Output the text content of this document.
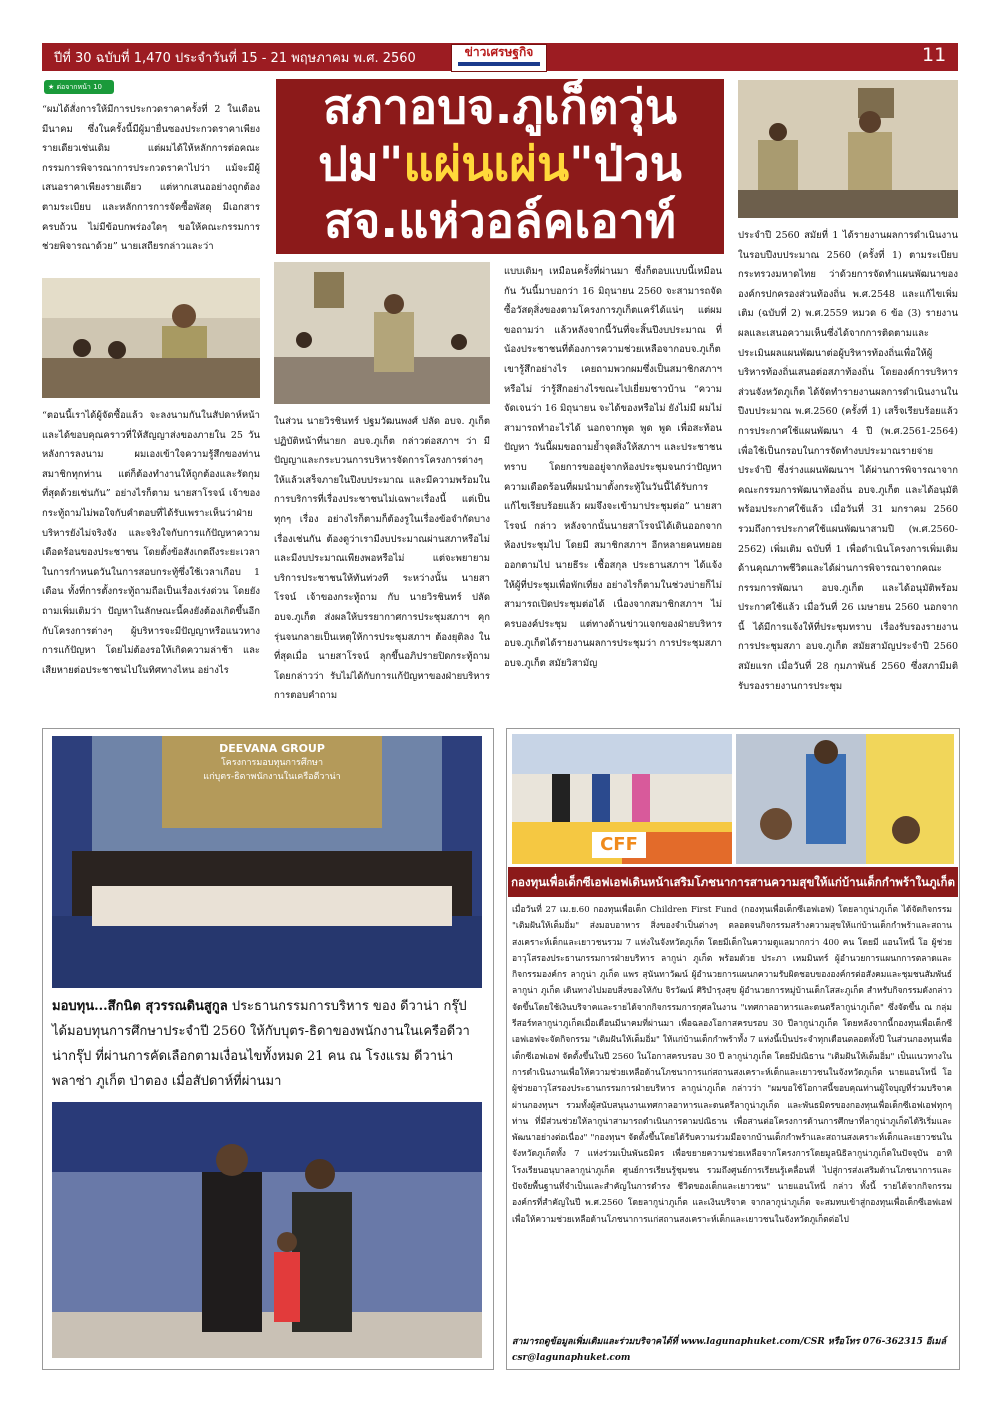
ปีที่ 30 ฉบับที่ 1,470 ประจำวันที่ 15 - 21 พฤษภาคม พ.ศ. 2560	ข่าวเศรษฐกิจ	11
★ ต่อจากหน้า 10	สภาอบจ.ภูเก็ตวุ่น
ปม"แผ่นเผ่น"ป่วน
สจ.แห่วอล์คเอาท์
“ผมได้สั่งการให้มีการประกวดราคาครั้งที่ 2 ในเดือนมีนาคม ซึ่งในครั้งนี้มีผู้มายื่นซองประกวดราคาเพียงรายเดียวเช่นเดิม แต่ผมได้ให้หลักการต่อคณะกรรมการพิจารณาการประกวดราคาไปว่า แม้จะมีผู้เสนอราคาเพียงรายเดียว แต่หากเสนออย่างถูกต้องตามระเบียบ และหลักการการจัดซื้อพัสดุ มีเอกสารครบถ้วน ไม่มีข้อบกพร่องใดๆ ขอให้คณะกรรมการช่วยพิจารณาด้วย” นายเสถียรกล่าวและว่า
“ตอนนี้เราได้ผู้จัดซื้อแล้ว จะลงนามกันในสัปดาห์หน้า และได้ขอบคุณคราวที่ให้สัญญาส่งของภายใน 25 วันหลังการลงนาม ผมเองเข้าใจความรู้สึกของท่านสมาชิกทุกท่าน แต่ก็ต้องทำงานให้ถูกต้องและรัดกุมที่สุดด้วยเช่นกัน” อย่างไรก็ตาม นายสาโรจน์ เจ้าของกระทู้ถามไม่พอใจกับคำตอบที่ได้รับเพราะเห็นว่าฝ่ายบริหารยังไม่จริงจัง และจริงใจกับการแก้ปัญหาความเดือดร้อนของประชาชน โดยตั้งข้อสังเกตถึงระยะเวลาในการกำหนดวันในการสอบกระทู้ซึ่งใช้เวลาเกือบ 1 เดือน ทั้งที่การตั้งกระทู้ถามถือเป็นเรื่องเร่งด่วน โดยยังถามเพิ่มเติมว่า ปัญหาในลักษณะนี้คงยังต้องเกิดขึ้นอีกกับโครงการต่างๆ ผู้บริหารจะมีปัญญาหรือแนวทางการแก้ปัญหา โดยไม่ต้องรอให้เกิดความล่าช้า และเสียหายต่อประชาชนไปในทิศทางไหน อย่างไร
ในส่วน นายวิรชินทร์ ปฐมวัฒนพงศ์ ปลัด อบจ. ภูเก็ต ปฏิบัติหน้าที่นายก อบจ.ภูเก็ต กล่าวต่อสภาฯ ว่า มีปัญญาและกระบวนการบริหารจัดการโครงการต่างๆ ให้แล้วเสร็จภายในปีงบประมาณ และมีความพร้อมในการบริการที่เรื่องประชาชนไม่เฉพาะเรื่องนี้ แต่เป็นทุกๆ เรื่อง อย่างไรก็ตามก็ต้องรูในเรื่องข้อจำกัดบางเรื่องเช่นกัน ต้องดูว่าเรามีงบประมาณผ่านสภาหรือไม่ และมีงบประมาณเพียงพอหรือไม่ แต่จะพยายามบริการประชาชนให้ทันท่วงที ระหว่างนั้น นายสาโรจน์ เจ้าของกระทู้ถาม กับ นายวิรชินทร์ ปลัดอบจ.ภูเก็ต ส่งผลให้บรรยากาศการประชุมสภาฯ คุกรุ่นจนกลายเป็นเหตุให้การประชุมสภาฯ ต้องยุติลง ในที่สุดเมื่อ นายสาโรจน์ ลุกขึ้นอภิปรายปิดกระทู้ถาม โดยกล่าวว่า รับไม่ได้กับการแก้ปัญหาของฝ่ายบริหาร การตอบคำถาม
แบบเดิมๆ เหมือนครั้งที่ผ่านมา ซึ่งก็ตอบแบบนี้เหมือนกัน วันนี้มาบอกว่า 16 มิถุนายน 2560 จะสามารถจัดซื้อวัสดุสิ่งของตามโครงการภูเก็ตแคร์ได้แน่ๆ แต่ผมขอถามว่า แล้วหลังจากนี้วันที่จะสิ้นปีงบประมาณ ที่น้องประชาชนที่ต้องการความช่วยเหลือจากอบจ.ภูเก็ต เขารู้สึกอย่างไร เคยถามพวกผมซึ่งเป็นสมาชิกสภาฯ หรือไม่ ว่ารู้สึกอย่างไรขณะไปเยี่ยมชาวบ้าน “ความจัดเจนว่า 16 มิถุนายน จะได้ของหรือไม่ ยังไม่มี ผมไม่สามารถทำอะไรได้ นอกจากพูด พูด พูด เพื่อสะท้อนปัญหา วันนี้ผมขอถามย้ำจุดสิ่งให้สภาฯ และประชาชนทราบ โดยการขออยู่จากห้องประชุมจนกว่าปัญหาความเดือดร้อนที่ผมนำมาตั้งกระทู้ในวันนี้ได้รับการแก้ไขเรียบร้อยแล้ว ผมจึงจะเข้ามาประชุมต่อ” นายสาโรจน์ กล่าว หลังจากนั้นนายสาโรจน์ได้เดินออกจากห้องประชุมไป โดยมี สมาชิกสภาฯ อีกหลายคนทยอยออกตามไป นายธีระ เชื้อสกุล ประธานสภาฯ ได้แจ้งให้ผู้ที่ประชุมเพื่อพักเที่ยง อย่างไรก็ตามในช่วงบ่ายก็ไม่สามารถเปิดประชุมต่อได้ เนื่องจากสมาชิกสภาฯ ไม่ครบองค์ประชุม แต่ทางด้านข่าวแจกของฝ่ายบริหารอบจ.ภูเก็ตได้รายงานผลการประชุมว่า การประชุมสภา อบจ.ภูเก็ต สมัยวิสามัญ
ประจำปี 2560 สมัยที่ 1 ได้รายงานผลการดำเนินงานในรอบปีงบประมาณ 2560 (ครั้งที่ 1) ตามระเบียบกระทรวงมหาดไทย ว่าด้วยการจัดทำแผนพัฒนาขององค์กรปกครองส่วนท้องถิ่น พ.ศ.2548 และแก้ไขเพิ่มเติม (ฉบับที่ 2) พ.ศ.2559 หมวด 6 ข้อ (3) รายงานผลและเสนอความเห็นซึ่งได้จากการติดตามและประเมินผลแผนพัฒนาต่อผู้บริหารท้องถิ่นเพื่อให้ผู้บริหารท้องถิ่นเสนอต่อสภาท้องถิ่น โดยองค์การบริหารส่วนจังหวัดภูเก็ต ได้จัดทำรายงานผลการดำเนินงานในปีงบประมาณ พ.ศ.2560 (ครั้งที่ 1) เสร็จเรียบร้อยแล้ว การประกาศใช้แผนพัฒนา 4 ปี (พ.ศ.2561-2564) เพื่อใช้เป็นกรอบในการจัดทำงบประมาณรายจ่ายประจำปี ซึ่งร่างแผนพัฒนาฯ ได้ผ่านการพิจารณาจากคณะกรรมการพัฒนาท้องถิ่น อบจ.ภูเก็ต และได้อนุมัติพร้อมประกาศใช้แล้ว เมื่อวันที่ 31 มกราคม 2560 รวมถึงการประกาศใช้แผนพัฒนาสามปี (พ.ศ.2560-2562) เพิ่มเติม ฉบับที่ 1 เพื่อดำเนินโครงการเพิ่มเติมด้านคุณภาพชีวิตและได้ผ่านการพิจารณาจากคณะกรรมการพัฒนา อบจ.ภูเก็ต และได้อนุมัติพร้อมประกาศใช้แล้ว เมื่อวันที่ 26 เมษายน 2560 นอกจากนี้ ได้มีการแจ้งให้ที่ประชุมทราบ เรื่องรับรองรายงานการประชุมสภา อบจ.ภูเก็ต สมัยสามัญประจำปี 2560 สมัยแรก เมื่อวันที่ 28 กุมภาพันธ์ 2560 ซึ่งสภามีมติรับรองรายงานการประชุม
DEEVANA GROUP
โครงการมอบทุนการศึกษา
แก่บุตร-ธิดาพนักงานในเครือดีวาน่า
มอบทุน...สึกนิต สุวรรณดินสูกูล ประธานกรรมการบริหาร ของ ดีวาน่า กรุ๊ป ได้มอบทุนการศึกษาประจำปี 2560 ให้กับบุตร-ธิดาของพนักงานในเครือดีวาน่ากรุ๊ป ที่ผ่านการคัดเลือกตามเงื่อนไขทั้งหมด 21 คน ณ โรงแรม ดีวาน่า พลาซ่า ภูเก็ต ป่าตอง เมื่อสัปดาห์ที่ผ่านมา
CFF
กองทุนเพื่อเด็กซีเอฟเอฟเดินหน้าเสริมโภชนาการสานความสุขให้แก่บ้านเด็กกำพร้าในภูเก็ต
เมื่อวันที่ 27 เม.ย.60 กองทุนเพื่อเด็ก Children First Fund (กองทุนเพื่อเด็กซีเอฟเอฟ) โดยลากูน่าภูเก็ต ได้จัดกิจกรรม "เติมฝันให้เต็มอิ่ม" ส่งมอบอาหาร สิ่งของจำเป็นต่างๆ ตลอดจนกิจกรรมสร้างความสุขให้แก่บ้านเด็กกำพร้าและสถานสงเคราะห์เด็กและเยาวชนรวม 7 แห่งในจังหวัดภูเก็ต โดยมีเด็กในความดูแลมากกว่า 400 คน โดยมี แอนโทนี่ โอ ผู้ช่วยอาวุโสรองประธานกรรมการฝ่ายบริหาร ลากูน่า ภูเก็ต พร้อมด้วย ประภา เหมมินทร์ ผู้อำนวยการแผนกการตลาดและกิจกรรมองค์กร ลากูน่า ภูเก็ต แพร สุนันทาวัฒน์ ผู้อำนวยการแผนกความรับผิดชอบขององค์กรต่อสังคมและชุมชนสัมพันธ์ ลากูน่า ภูเก็ต เดินทางไปมอบสิ่งของให้กับ จิรวัฒน์ ศิริบำรุงสุข ผู้อำนวยการหมู่บ้านเด็กโสสะภูเก็ต สำหรับกิจกรรมดังกล่าวจัดขึ้นโดยใช้เงินบริจาคและรายได้จากกิจกรรมการกุศลในงาน "เทศกาลอาหารและดนตรีลากูน่าภูเก็ต" ซึ่งจัดขึ้น ณ กลุ่มรีสอร์ทลากูน่าภูเก็ตเมื่อเดือนมีนาคมที่ผ่านมา เพื่อฉลองโอกาสครบรอบ 30 ปีลากูน่าภูเก็ต โดยหลังจากนี้กองทุนเพื่อเด็กซีเอฟเอฟจะจัดกิจกรรม "เติมฝันให้เต็มอิ่ม" ให้แก่บ้านเด็กกำพร้าทั้ง 7 แห่งนี้เป็นประจำทุกเดือนตลอดทั้งปี ในส่วนกองทุนเพื่อเด็กซีเอฟเอฟ จัดตั้งขึ้นในปี 2560 ในโอกาสครบรอบ 30 ปี ลากูน่าภูเก็ต โดยมีปณิธาน "เติมฝันให้เต็มอิ่ม" เป็นแนวทางในการดำเนินงานเพื่อให้ความช่วยเหลือด้านโภชนาการแก่สถานสงเคราะห์เด็กและเยาวชนในจังหวัดภูเก็ต นายแอนโทนี่ โอ ผู้ช่วยอาวุโสรองประธานกรรมการฝ่ายบริหาร ลากูน่าภูเก็ต กล่าวว่า "ผมขอใช้โอกาสนี้ขอบคุณท่านผู้ใจบุญที่ร่วมบริจาคผ่านกองทุนฯ รวมทั้งผู้สนับสนุนงานเทศกาลอาหารและดนตรีลากูน่าภูเก็ต และพันธมิตรของกองทุนเพื่อเด็กซีเอฟเอฟทุกๆ ท่าน ที่มีส่วนช่วยให้ลากูน่าสามารถดำเนินการตามปณิธาน เพื่อสานต่อโครงการด้านการศึกษาที่ลากูน่าภูเก็ตได้ริเริ่มและพัฒนาอย่างต่อเนื่อง" "กองทุนฯ จัดตั้งขึ้นโดยได้รับความร่วมมือจากบ้านเด็กกำพร้าและสถานสงเคราะห์เด็กและเยาวชนในจังหวัดภูเก็ตทั้ง 7 แห่งร่วมเป็นพันธมิตร เพื่อขยายความช่วยเหลือจากโครงการโดยมูลนิธิลากูน่าภูเก็ตในปัจจุบัน อาทิ โรงเรียนอนุบาลลากูน่าภูเก็ต ศูนย์การเรียนรู้ชุมชน รวมถึงศูนย์การเรียนรู้เคลื่อนที่ ไปสู่การส่งเสริมด้านโภชนาการและปัจจัยพื้นฐานที่จำเป็นและสำคัญในการดำรง ชีวิตของเด็กและเยาวชน" นายแอนโทนี่ กล่าว ทั้งนี้ รายได้จากกิจกรรมองค์กรที่สำคัญในปี พ.ศ.2560 โดยลากูน่าภูเก็ต และเงินบริจาค จากลากูน่าภูเก็ต จะสมทบเข้าสู่กองทุนเพื่อเด็กซีเอฟเอฟ เพื่อให้ความช่วยเหลือด้านโภชนาการแก่สถานสงเคราะห์เด็กและเยาวชนในจังหวัดภูเก็ตต่อไป
สามารถดูข้อมูลเพิ่มเติมและร่วมบริจาคได้ที่ www.lagunaphuket.com/CSR หรือโทร 076-362315 อีเมล์ csr@lagunaphuket.com
